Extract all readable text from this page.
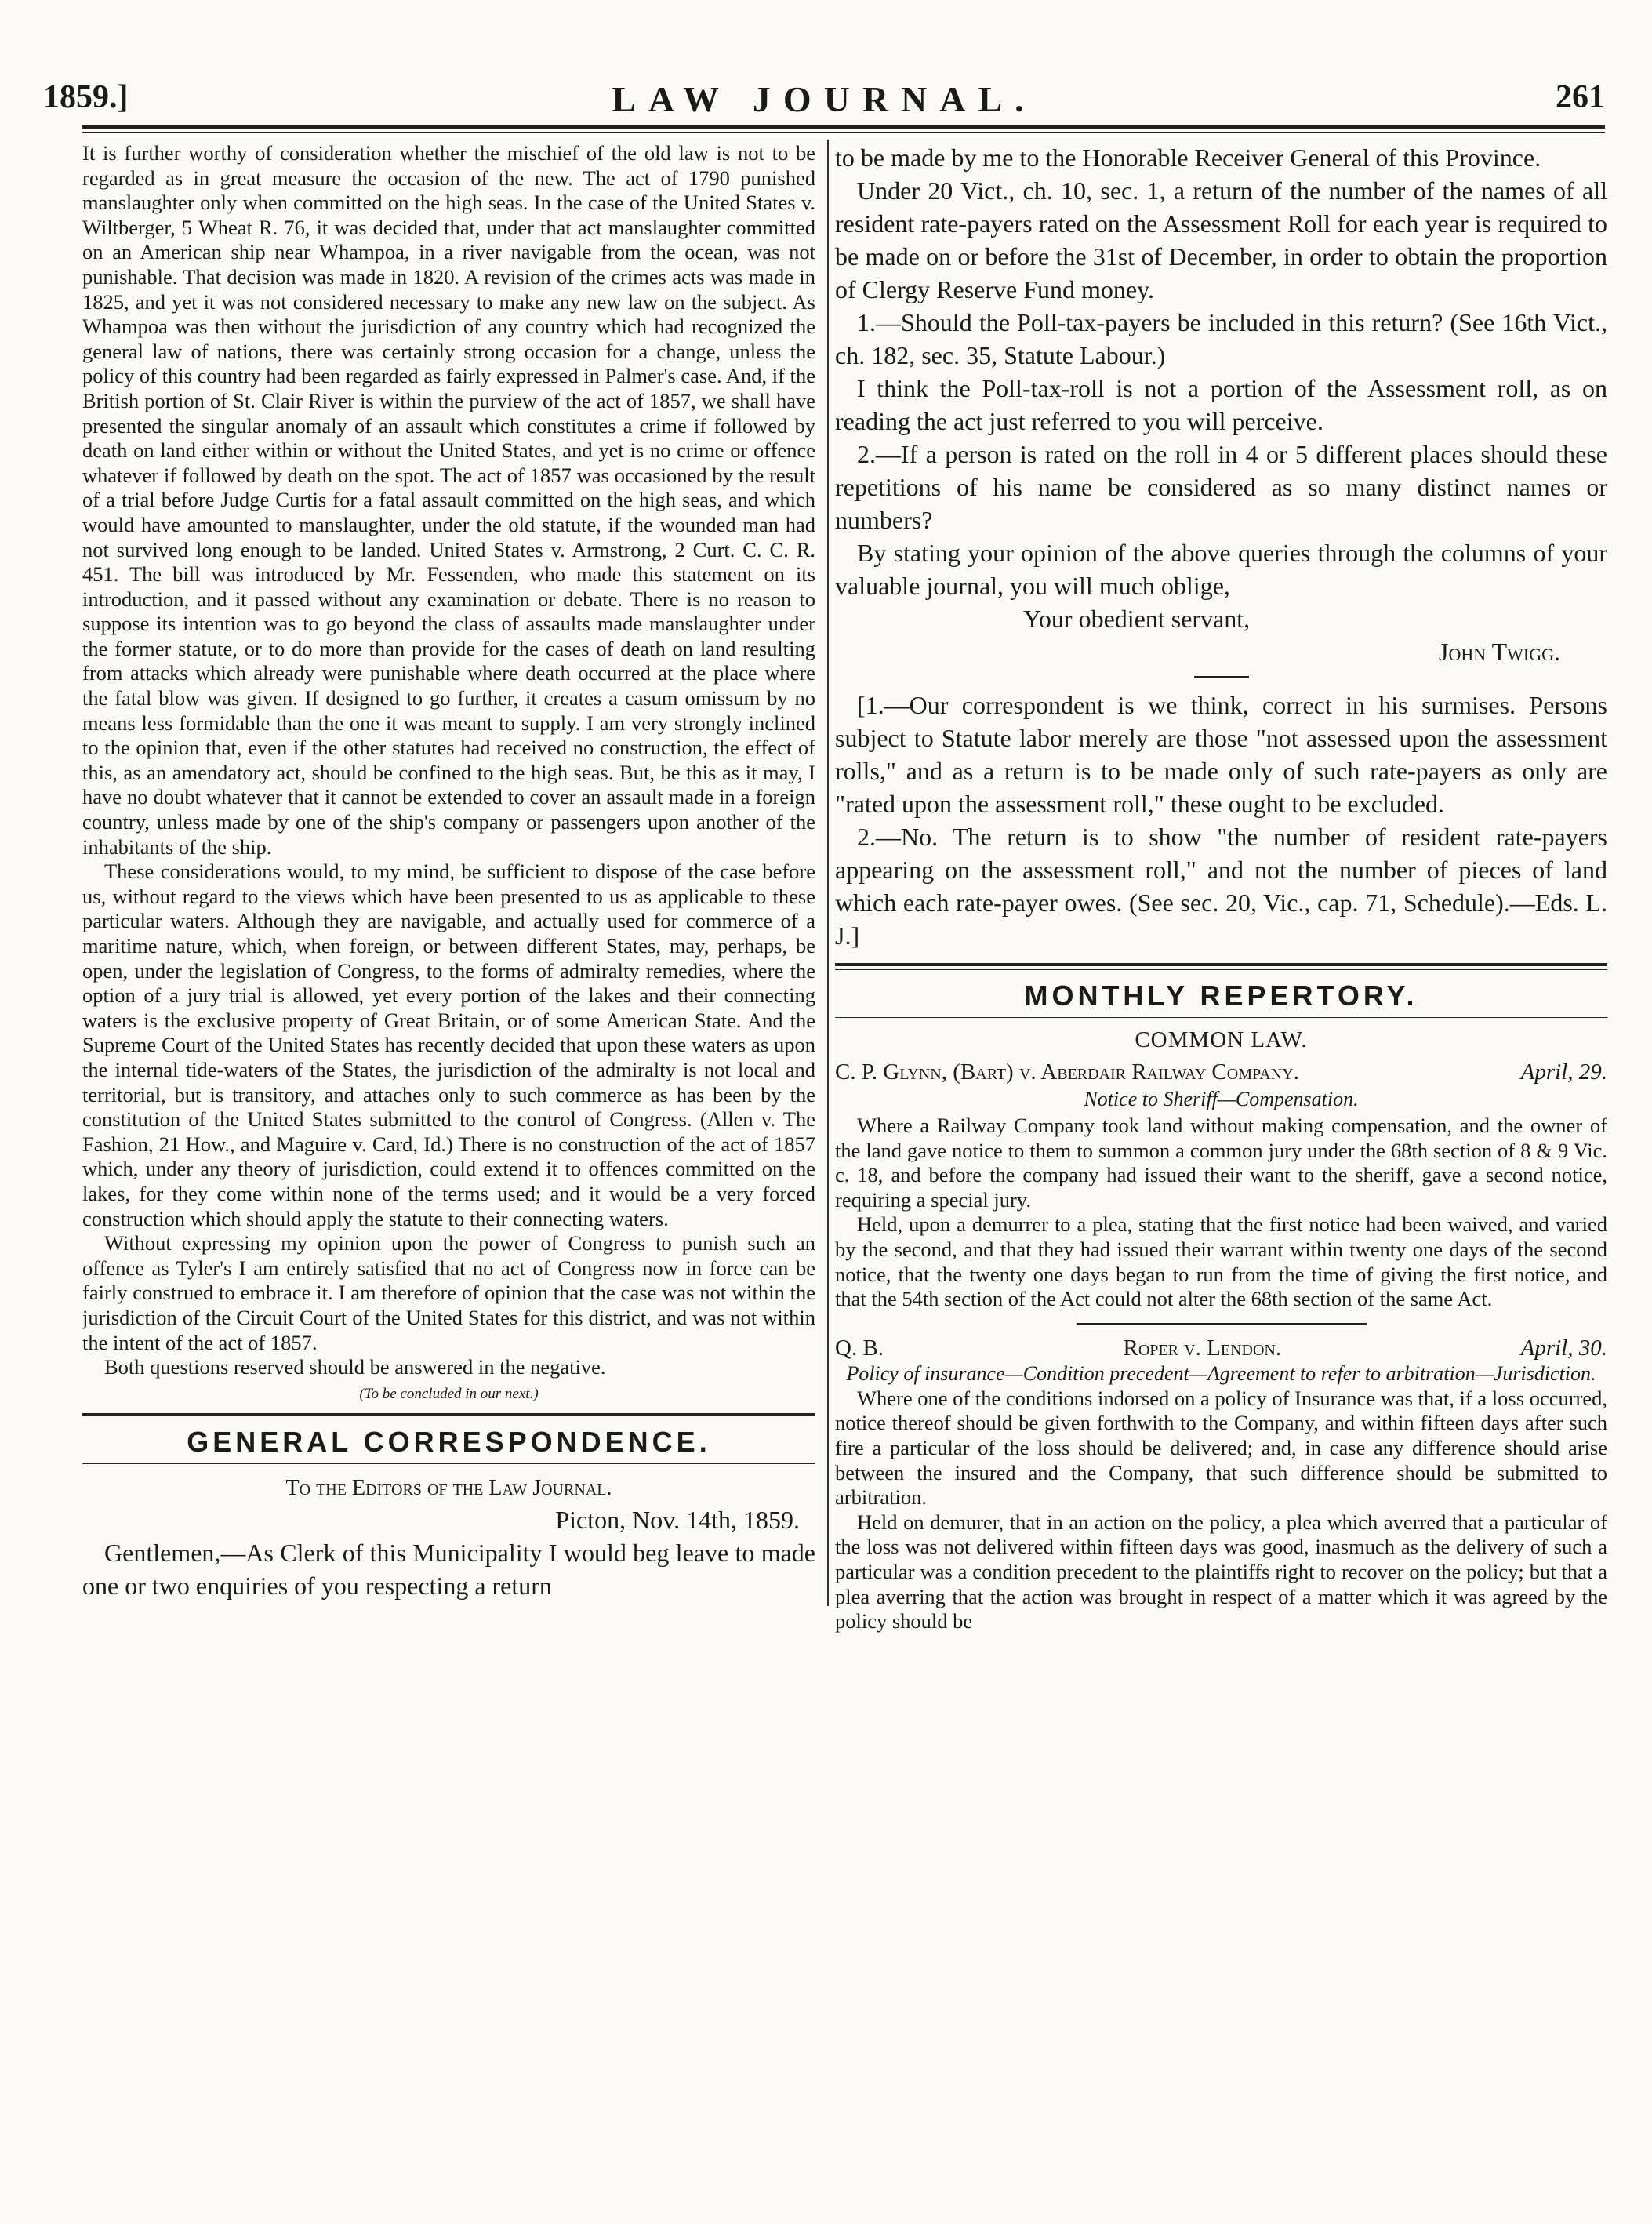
1859.]	LAW JOURNAL.	261

It is further worthy of consideration whether the mischief of the old law is not to be regarded as in great measure the occasion of the new. The act of 1790 punished manslaughter only when committed on the high seas. In the case of the United States v. Wiltberger, 5 Wheat R. 76, it was decided that, under that act manslaughter committed on an American ship near Whampoa, in a river navigable from the ocean, was not punishable. That decision was made in 1820. A revision of the crimes acts was made in 1825, and yet it was not considered necessary to make any new law on the subject. As Whampoa was then without the jurisdiction of any country which had recognized the general law of nations, there was certainly strong occasion for a change, unless the policy of this country had been regarded as fairly expressed in Palmer's case. And, if the British portion of St. Clair River is within the purview of the act of 1857, we shall have presented the singular anomaly of an assault which constitutes a crime if followed by death on land either within or without the United States, and yet is no crime or offence whatever if followed by death on the spot. The act of 1857 was occasioned by the result of a trial before Judge Curtis for a fatal assault committed on the high seas, and which would have amounted to manslaughter, under the old statute, if the wounded man had not survived long enough to be landed. United States v. Armstrong, 2 Curt. C. C. R. 451. The bill was introduced by Mr. Fessenden, who made this statement on its introduction, and it passed without any examination or debate. There is no reason to suppose its intention was to go beyond the class of assaults made manslaughter under the former statute, or to do more than provide for the cases of death on land resulting from attacks which already were punishable where death occurred at the place where the fatal blow was given. If designed to go further, it creates a casum omissum by no means less formidable than the one it was meant to supply. I am very strongly inclined to the opinion that, even if the other statutes had received no construction, the effect of this, as an amendatory act, should be confined to the high seas. But, be this as it may, I have no doubt whatever that it cannot be extended to cover an assault made in a foreign country, unless made by one of the ship's company or passengers upon another of the inhabitants of the ship.

These considerations would, to my mind, be sufficient to dispose of the case before us, without regard to the views which have been presented to us as applicable to these particular waters. Although they are navigable, and actually used for commerce of a maritime nature, which, when foreign, or between different States, may, perhaps, be open, under the legislation of Congress, to the forms of admiralty remedies, where the option of a jury trial is allowed, yet every portion of the lakes and their connecting waters is the exclusive property of Great Britain, or of some American State. And the Supreme Court of the United States has recently decided that upon these waters as upon the internal tide-waters of the States, the jurisdiction of the admiralty is not local and territorial, but is transitory, and attaches only to such commerce as has been by the constitution of the United States submitted to the control of Congress. (Allen v. The Fashion, 21 How., and Maguire v. Card, Id.) There is no construction of the act of 1857 which, under any theory of jurisdiction, could extend it to offences committed on the lakes, for they come within none of the terms used; and it would be a very forced construction which should apply the statute to their connecting waters.

Without expressing my opinion upon the power of Congress to punish such an offence as Tyler's I am entirely satisfied that no act of Congress now in force can be fairly construed to embrace it. I am therefore of opinion that the case was not within the jurisdiction of the Circuit Court of the United States for this district, and was not within the intent of the act of 1857.

Both questions reserved should be answered in the negative.

(To be concluded in our next.)
GENERAL CORRESPONDENCE.
To the Editors of the Law Journal.
Picton, Nov. 14th, 1859.

Gentlemen,—As Clerk of this Municipality I would beg leave to made one or two enquiries of you respecting a return

to be made by me to the Honorable Receiver General of this Province.

Under 20 Vict., ch. 10, sec. 1, a return of the number of the names of all resident rate-payers rated on the Assessment Roll for each year is required to be made on or before the 31st of December, in order to obtain the proportion of Clergy Reserve Fund money.

1.—Should the Poll-tax-payers be included in this return? (See 16th Vict., ch. 182, sec. 35, Statute Labour.)

I think the Poll-tax-roll is not a portion of the Assessment roll, as on reading the act just referred to you will perceive.

2.—If a person is rated on the roll in 4 or 5 different places should these repetitions of his name be considered as so many distinct names or numbers?

By stating your opinion of the above queries through the columns of your valuable journal, you will much oblige,

Your obedient servant,
John Twigg.

[1.—Our correspondent is we think, correct in his surmises. Persons subject to Statute labor merely are those "not assessed upon the assessment rolls," and as a return is to be made only of such rate-payers as only are "rated upon the assessment roll," these ought to be excluded.

2.—No. The return is to show "the number of resident rate-payers appearing on the assessment roll," and not the number of pieces of land which each rate-payer owes. (See sec. 20, Vic., cap. 71, Schedule).—Eds. L. J.]

MONTHLY REPERTORY.
COMMON LAW.
C. P. Glynn, (Bart) v. Aberdair Railway Company.	April, 29.
Notice to Sheriff—Compensation.

Where a Railway Company took land without making compensation, and the owner of the land gave notice to them to summon a common jury under the 68th section of 8 & 9 Vic. c. 18, and before the company had issued their want to the sheriff, gave a second notice, requiring a special jury.

Held, upon a demurrer to a plea, stating that the first notice had been waived, and varied by the second, and that they had issued their warrant within twenty one days of the second notice, that the twenty one days began to run from the time of giving the first notice, and that the 54th section of the Act could not alter the 68th section of the same Act.

Q. B.	Roper v. Lendon.	April, 30.
Policy of insurance—Condition precedent—Agreement to refer to arbitration—Jurisdiction.

Where one of the conditions indorsed on a policy of Insurance was that, if a loss occurred, notice thereof should be given forthwith to the Company, and within fifteen days after such fire a particular of the loss should be delivered; and, in case any difference should arise between the insured and the Company, that such difference should be submitted to arbitration.

Held on demurer, that in an action on the policy, a plea which averred that a particular of the loss was not delivered within fifteen days was good, inasmuch as the delivery of such a particular was a condition precedent to the plaintiffs right to recover on the policy; but that a plea averring that the action was brought in respect of a matter which it was agreed by the policy should be
